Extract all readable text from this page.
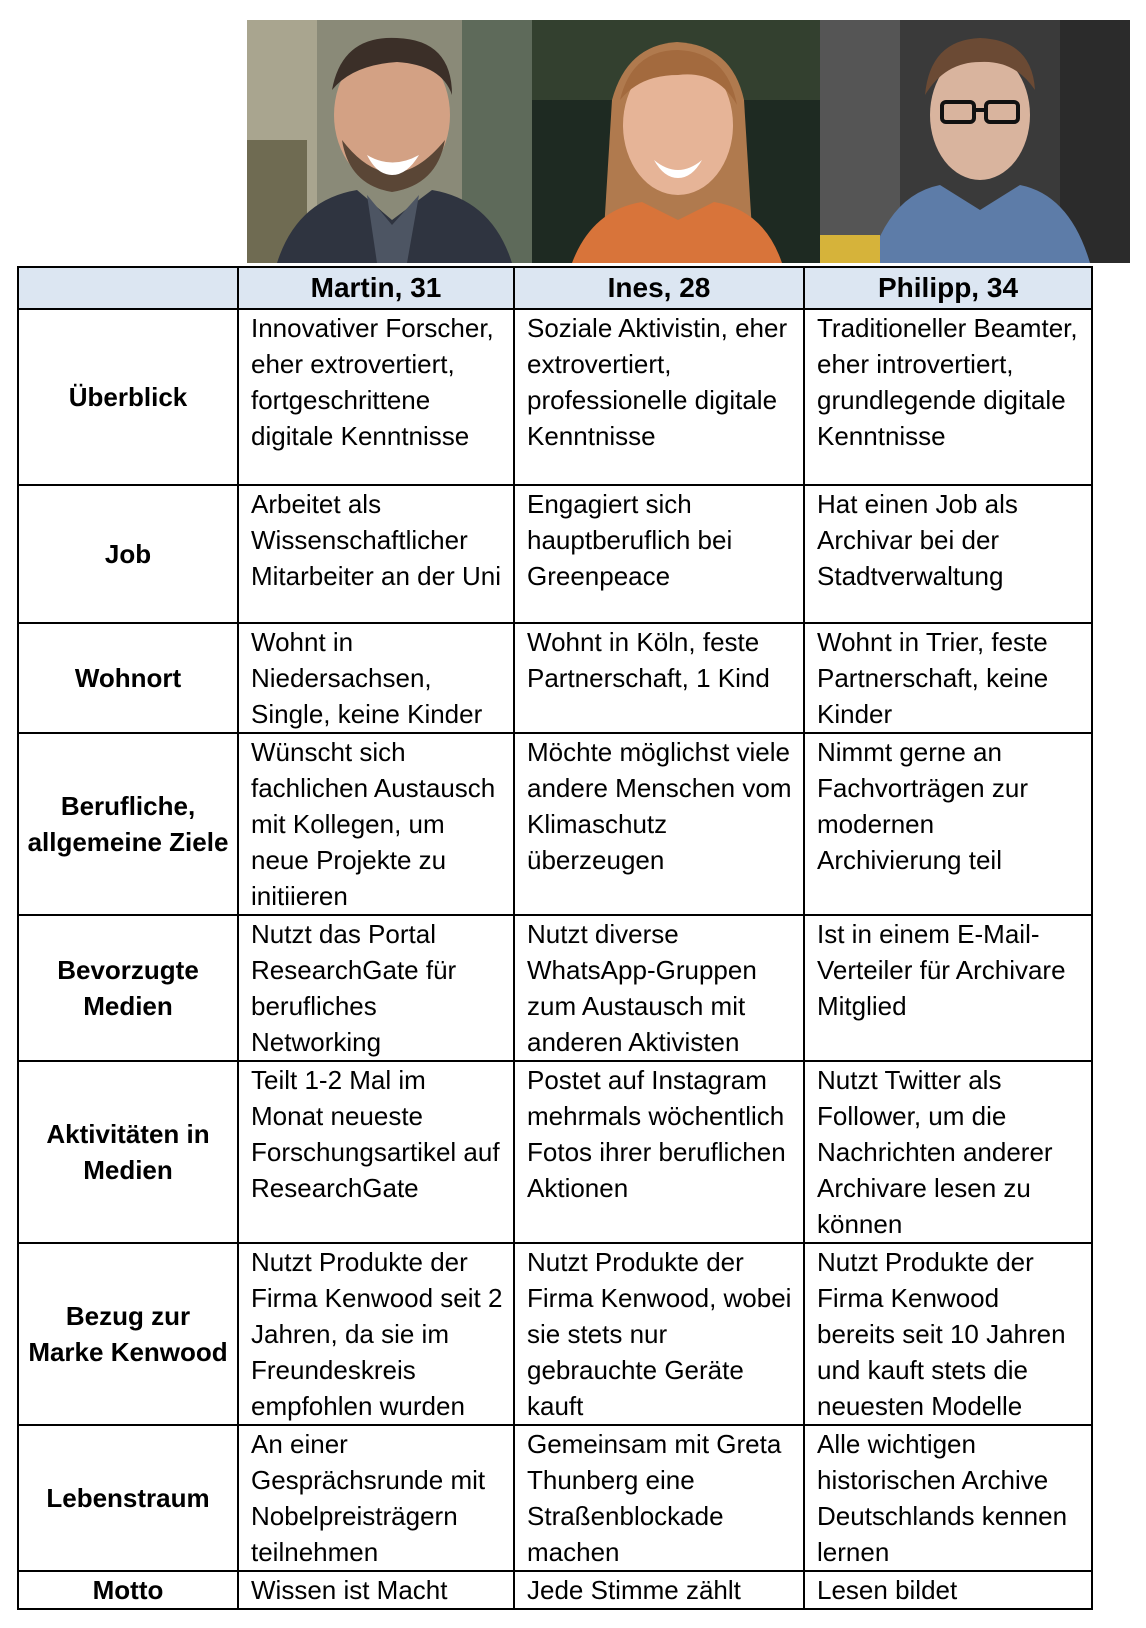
	Martin, 31	Ines, 28	Philipp, 34
Überblick	Innovativer Forscher, eher extrovertiert, fortgeschrittene digitale Kenntnisse	Soziale Aktivistin, eher extrovertiert, professionelle digitale Kenntnisse	Traditioneller Beamter, eher introvertiert, grundlegende digitale Kenntnisse
Job	Arbeitet als Wissenschaftlicher Mitarbeiter an der Uni	Engagiert sich hauptberuflich bei Greenpeace	Hat einen Job als Archivar bei der Stadtverwaltung
Wohnort	Wohnt in Niedersachsen, Single, keine Kinder	Wohnt in Köln, feste Partnerschaft, 1 Kind	Wohnt in Trier, feste Partnerschaft, keine Kinder
Berufliche, allgemeine Ziele	Wünscht sich fachlichen Austausch mit Kollegen, um neue Projekte zu initiieren	Möchte möglichst viele andere Menschen vom Klimaschutz überzeugen	Nimmt gerne an Fachvorträgen zur modernen Archivierung teil
Bevorzugte Medien	Nutzt das Portal ResearchGate für berufliches Networking	Nutzt diverse WhatsApp-Gruppen zum Austausch mit anderen Aktivisten	Ist in einem E-Mail-Verteiler für Archivare Mitglied
Aktivitäten in Medien	Teilt 1-2 Mal im Monat neueste Forschungsartikel auf ResearchGate	Postet auf Instagram mehrmals wöchentlich Fotos ihrer beruflichen Aktionen	Nutzt Twitter als Follower, um die Nachrichten anderer Archivare lesen zu können
Bezug zur Marke Kenwood	Nutzt Produkte der Firma Kenwood seit 2 Jahren, da sie im Freundeskreis empfohlen wurden	Nutzt Produkte der Firma Kenwood, wobei sie stets nur gebrauchte Geräte kauft	Nutzt Produkte der Firma Kenwood bereits seit 10 Jahren und kauft stets die neuesten Modelle
Lebenstraum	An einer Gesprächsrunde mit Nobelpreisträgern teilnehmen	Gemeinsam mit Greta Thunberg eine Straßenblockade machen	Alle wichtigen historischen Archive Deutschlands kennen lernen
Motto	Wissen ist Macht	Jede Stimme zählt	Lesen bildet
